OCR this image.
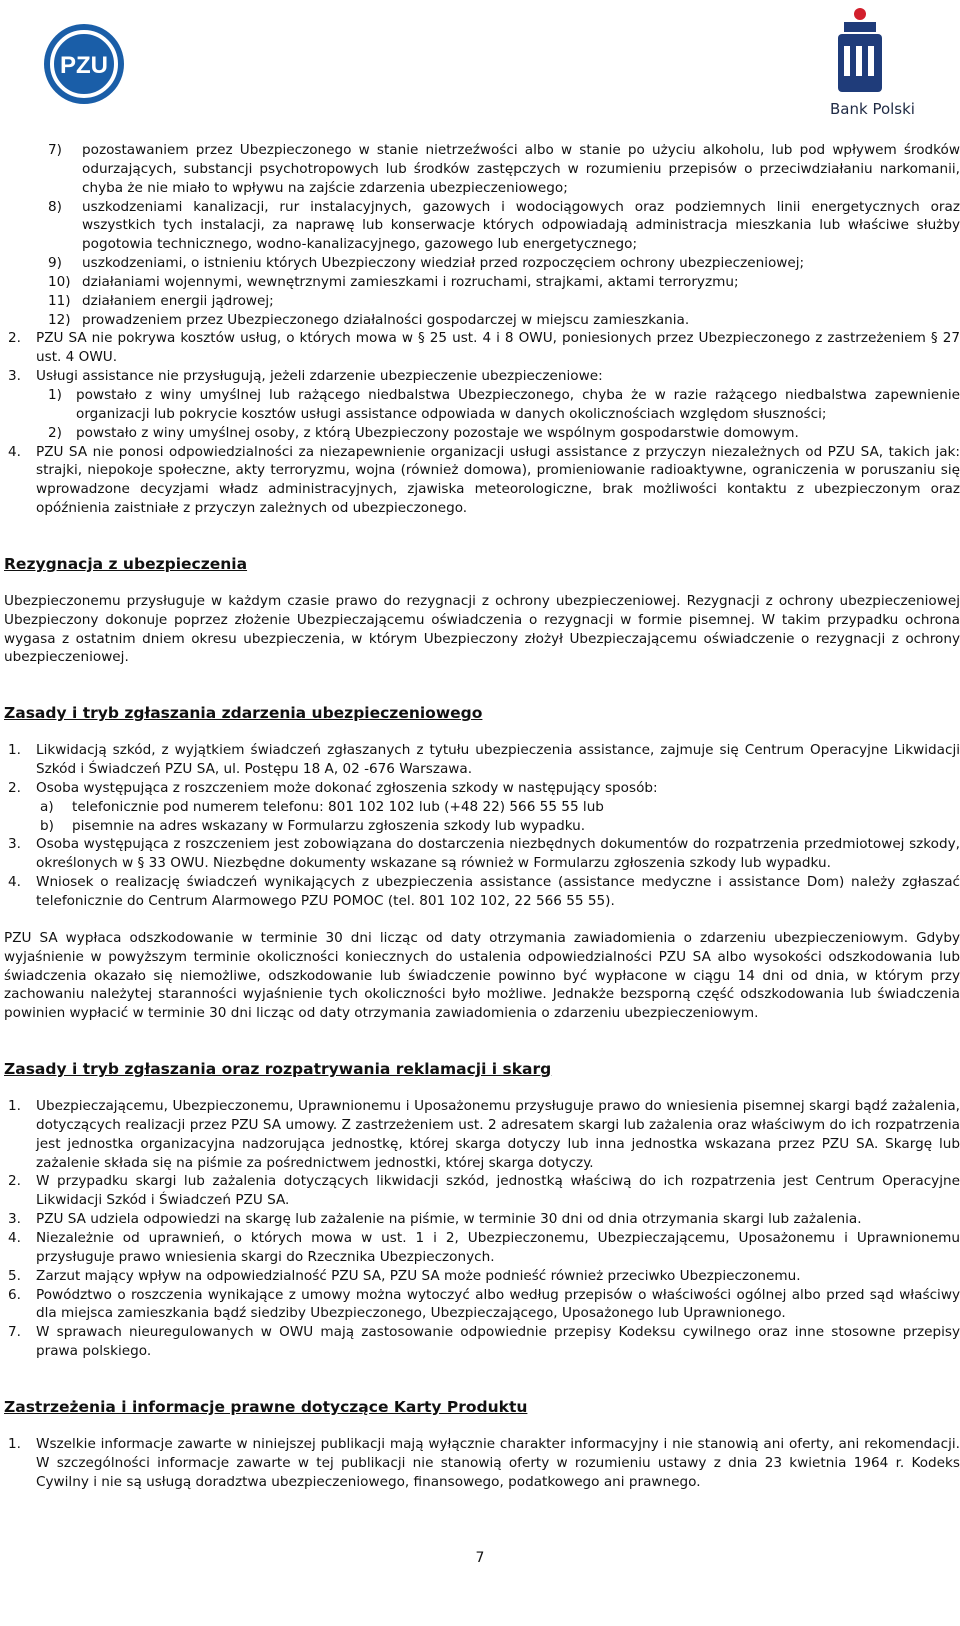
PZU
Bank Polski
7)	pozostawaniem przez Ubezpieczonego w stanie nietrzeźwości albo w stanie po użyciu alkoholu, lub pod wpływem środków odurzających, substancji psychotropowych lub środków zastępczych w rozumieniu przepisów o przeciwdziałaniu narkomanii, chyba że nie miało to wpływu na zajście zdarzenia ubezpieczeniowego;
8)	uszkodzeniami kanalizacji, rur instalacyjnych, gazowych i wodociągowych oraz podziemnych linii energetycznych oraz wszystkich tych instalacji, za naprawę lub konserwacje których odpowiadają administracja mieszkania lub właściwe służby pogotowia technicznego, wodno-kanalizacyjnego, gazowego lub energetycznego;
9)	uszkodzeniami, o istnieniu których Ubezpieczony wiedział przed rozpoczęciem ochrony ubezpieczeniowej;
10) działaniami wojennymi, wewnętrznymi zamieszkami i rozruchami, strajkami, aktami terroryzmu;
11) działaniem energii jądrowej;
12) prowadzeniem przez Ubezpieczonego działalności gospodarczej w miejscu zamieszkania.
2.	PZU SA nie pokrywa kosztów usług, o których mowa w § 25 ust. 4 i 8 OWU, poniesionych przez Ubezpieczonego z zastrzeżeniem § 27 ust. 4 OWU.
3.	Usługi assistance nie przysługują, jeżeli zdarzenie ubezpieczenie ubezpieczeniowe:
1)	powstało z winy umyślnej lub rażącego niedbalstwa Ubezpieczonego, chyba że w razie rażącego niedbalstwa zapewnienie organizacji lub pokrycie kosztów usługi assistance odpowiada w danych okolicznościach względom słuszności;
2)	powstało z winy umyślnej osoby, z którą Ubezpieczony pozostaje we wspólnym gospodarstwie domowym.
4.	PZU SA nie ponosi odpowiedzialności za niezapewnienie organizacji usługi assistance z przyczyn niezależnych od PZU SA, takich jak: strajki, niepokoje społeczne, akty terroryzmu, wojna (również domowa), promieniowanie radioaktywne, ograniczenia w poruszaniu się wprowadzone decyzjami władz administracyjnych, zjawiska meteorologiczne, brak możliwości kontaktu z ubezpieczonym oraz opóźnienia zaistniałe z przyczyn zależnych od ubezpieczonego.
Rezygnacja z ubezpieczenia

Ubezpieczonemu przysługuje w każdym czasie prawo do rezygnacji z ochrony ubezpieczeniowej. Rezygnacji z ochrony ubezpieczeniowej Ubezpieczony dokonuje poprzez złożenie Ubezpieczającemu oświadczenia o rezygnacji w formie pisemnej. W takim przypadku ochrona wygasa z ostatnim dniem okresu ubezpieczenia, w którym Ubezpieczony złożył Ubezpieczającemu oświadczenie o rezygnacji z ochrony ubezpieczeniowej.

Zasady i tryb zgłaszania zdarzenia ubezpieczeniowego
1.	Likwidacją szkód, z wyjątkiem świadczeń zgłaszanych z tytułu ubezpieczenia assistance, zajmuje się Centrum Operacyjne Likwidacji Szkód i Świadczeń PZU SA, ul. Postępu 18 A, 02 -676 Warszawa.
2.	Osoba występująca z roszczeniem może dokonać zgłoszenia szkody w następujący sposób:
a)	telefonicznie pod numerem telefonu: 801 102 102 lub (+48 22) 566 55 55 lub
b)	pisemnie na adres wskazany w Formularzu zgłoszenia szkody lub wypadku.
3.	Osoba występująca z roszczeniem jest zobowiązana do dostarczenia niezbędnych dokumentów do rozpatrzenia przedmiotowej szkody, określonych w § 33 OWU. Niezbędne dokumenty wskazane są również w Formularzu zgłoszenia szkody lub wypadku.
4.	Wniosek o realizację świadczeń wynikających z ubezpieczenia assistance (assistance medyczne i assistance Dom) należy zgłaszać telefonicznie do Centrum Alarmowego PZU POMOC (tel. 801 102 102, 22 566 55 55).

PZU SA wypłaca odszkodowanie w terminie 30 dni licząc od daty otrzymania zawiadomienia o zdarzeniu ubezpieczeniowym. Gdyby wyjaśnienie w powyższym terminie okoliczności koniecznych do ustalenia odpowiedzialności PZU SA albo wysokości odszkodowania lub świadczenia okazało się niemożliwe, odszkodowanie lub świadczenie powinno być wypłacone w ciągu 14 dni od dnia, w którym przy zachowaniu należytej staranności wyjaśnienie tych okoliczności było możliwe. Jednakże bezsporną część odszkodowania lub świadczenia powinien wypłacić w terminie 30 dni licząc od daty otrzymania zawiadomienia o zdarzeniu ubezpieczeniowym.

Zasady i tryb zgłaszania oraz rozpatrywania reklamacji i skarg
1.	Ubezpieczającemu, Ubezpieczonemu, Uprawnionemu i Uposażonemu przysługuje prawo do wniesienia pisemnej skargi bądź zażalenia, dotyczących realizacji przez PZU SA umowy. Z zastrzeżeniem ust. 2 adresatem skargi lub zażalenia oraz właściwym do ich rozpatrzenia jest jednostka organizacyjna nadzorująca jednostkę, której skarga dotyczy lub inna jednostka wskazana przez PZU SA. Skargę lub zażalenie składa się na piśmie za pośrednictwem jednostki, której skarga dotyczy.
2.	W przypadku skargi lub zażalenia dotyczących likwidacji szkód, jednostką właściwą do ich rozpatrzenia jest Centrum Operacyjne Likwidacji Szkód i Świadczeń PZU SA.
3.	PZU SA udziela odpowiedzi na skargę lub zażalenie na piśmie, w terminie 30 dni od dnia otrzymania skargi lub zażalenia.
4.	Niezależnie od uprawnień, o których mowa w ust. 1 i 2, Ubezpieczonemu, Ubezpieczającemu, Uposażonemu i Uprawnionemu przysługuje prawo wniesienia skargi do Rzecznika Ubezpieczonych.
5.	Zarzut mający wpływ na odpowiedzialność PZU SA, PZU SA może podnieść również przeciwko Ubezpieczonemu.
6.	Powództwo o roszczenia wynikające z umowy można wytoczyć albo według przepisów o właściwości ogólnej albo przed sąd właściwy dla miejsca zamieszkania bądź siedziby Ubezpieczonego, Ubezpieczającego, Uposażonego lub Uprawnionego.
7.	W sprawach nieuregulowanych w OWU mają zastosowanie odpowiednie przepisy Kodeksu cywilnego oraz inne stosowne przepisy prawa polskiego.
Zastrzeżenia i informacje prawne dotyczące Karty Produktu
1.	Wszelkie informacje zawarte w niniejszej publikacji mają wyłącznie charakter informacyjny i nie stanowią ani oferty, ani rekomendacji. W szczególności informacje zawarte w tej publikacji nie stanowią oferty w rozumieniu ustawy z dnia 23 kwietnia 1964 r. Kodeks Cywilny i nie są usługą doradztwa ubezpieczeniowego, finansowego, podatkowego ani prawnego.
7
